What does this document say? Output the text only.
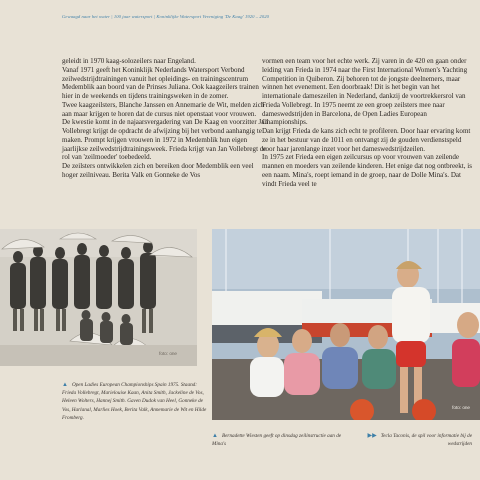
Gewaagd naar het water | 100 jaar watersport | Koninklijke Watersport Vereniging 'De Kaag' 1920 – 2020

geleidt in 1970 kaag-solozeilers naar Engeland.

Vanaf 1971 geeft het Koninklijk Nederlands Watersport Verbond zeilwedstrijdtrainingen vanuit het opleidings- en trainingscentrum Medemblik aan boord van de Prinses Juliana. Ook kaagzeilers trainen hier in de weekends en tijdens trainingsweken in de zomer.

Twee kaagzeilsters, Blanche Janssen en Annemarie de Wit, melden zich aan maar krijgen te horen dat de cursus niet openstaat voor vrouwen.

De kwestie komt in de najaarsvergadering van De Kaag en voorzitter Jan Vollebregt krijgt de opdracht de afwijzing bij het verbond aanhangig te maken. Prompt krijgen vrouwen in 1972 in Medemblik hun eigen jaarlijkse zeilwedstrijdtrainingsweek. Frieda krijgt van Jan Vollebregt de rol van 'zeilmoeder' toebedeeld.

De zeilsters ontwikkelen zich en bereiken door Medemblik een veel hoger zeilniveau. Berita Valk en Gonneke de Vos

vormen een team voor het echte werk. Zij varen in de 420 en gaan onder leiding van Frieda in 1974 naar the First International Women's Yachting Competition in Quiberon. Zij behoren tot de jongste deelnemers, maar winnen het evenement. Een doorbraak! Dit is het begin van het internationale dameszeilen in Nederland, dankzij de voortrekkersrol van Frieda Vollebregt. In 1975 neemt ze een groep zeilsters mee naar dameswedstrijden in Barcelona, de Open Ladies European Championships.

Dan krijgt Frieda de kans zich echt te profileren. Door haar ervaring komt ze in het bestuur van de 1011 en ontvangt zij de gouden verdienstspeld voor haar jarenlange inzet voor het dameswedstrijdzeilen.

In 1975 zet Frieda een eigen zeilcursus op voor vrouwen van zeilende mannen en moeders van zeilende kinderen. Het enige dat nog ontbreekt, is een naam. Mina's, roept iemand in de groep, naar de Dolle Mina's. Dat vindt Frieda veel te

foto: one
foto: one
▲ Open Ladies European Championships Spain 1975. Staand: Frieda Vollebregt, Marielouise Kaan, Anita Smith, Jackeline de Vos, Heleen Wolters, Hannej Smith. Gaven Dudok van Heel, Gonneke de Vos, Harlanal, Marlies Hoek, Berita Valk, Annemarie de Wit en Hilde Fromberg.
▲ Bernadette Wiesten geeft op dinsdag zeilinstructie aan de Mina's
▶▶ Tecla Taconis, de spil voor informatie bij de wedstrijden
